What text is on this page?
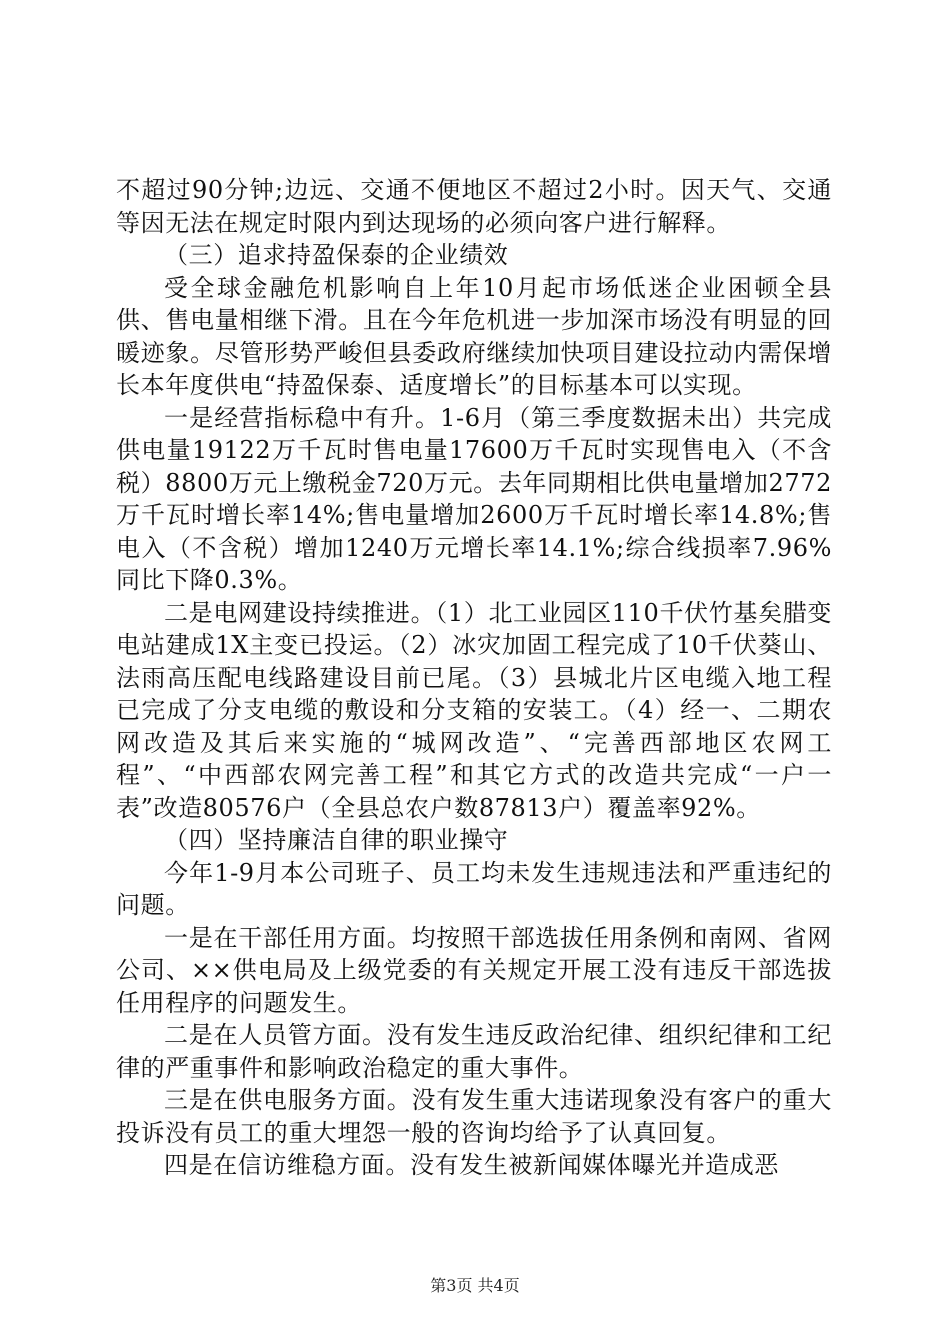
不超过90分钟;边远、交通不便地区不超过2小时。因天气、交通等因无法在规定时限内到达现场的必须向客户进行解释。

（三）追求持盈保泰的企业绩效

受全球金融危机影响自上年10月起市场低迷企业困顿全县供、售电量相继下滑。且在今年危机进一步加深市场没有明显的回暖迹象。尽管形势严峻但县委政府继续加快项目建设拉动内需保增长本年度供电“持盈保泰、适度增长”的目标基本可以实现。

一是经营指标稳中有升。1-6月（第三季度数据未出）共完成供电量19122万千瓦时售电量17600万千瓦时实现售电入（不含税）8800万元上缴税金720万元。去年同期相比供电量增加2772万千瓦时增长率14%;售电量增加2600万千瓦时增长率14.8%;售电入（不含税）增加1240万元增长率14.1%;综合线损率7.96%同比下降0.3%。

二是电网建设持续推进。（1）北工业园区110千伏竹基矣腊变电站建成1X主变已投运。（2）冰灾加固工程完成了10千伏葵山、法雨高压配电线路建设目前已尾。（3）县城北片区电缆入地工程已完成了分支电缆的敷设和分支箱的安装工。（4）经一、二期农网改造及其后来实施的“城网改造”、“完善西部地区农网工程”、“中西部农网完善工程”和其它方式的改造共完成“一户一表”改造80576户（全县总农户数87813户）覆盖率92%。

（四）坚持廉洁自律的职业操守

今年1-9月本公司班子、员工均未发生违规违法和严重违纪的问题。

一是在干部任用方面。均按照干部选拔任用条例和南网、省网公司、××供电局及上级党委的有关规定开展工没有违反干部选拔任用程序的问题发生。

二是在人员管方面。没有发生违反政治纪律、组织纪律和工纪律的严重事件和影响政治稳定的重大事件。

三是在供电服务方面。没有发生重大违诺现象没有客户的重大投诉没有员工的重大埋怨一般的咨询均给予了认真回复。

四是在信访维稳方面。没有发生被新闻媒体曝光并造成恶

第3页 共4页
